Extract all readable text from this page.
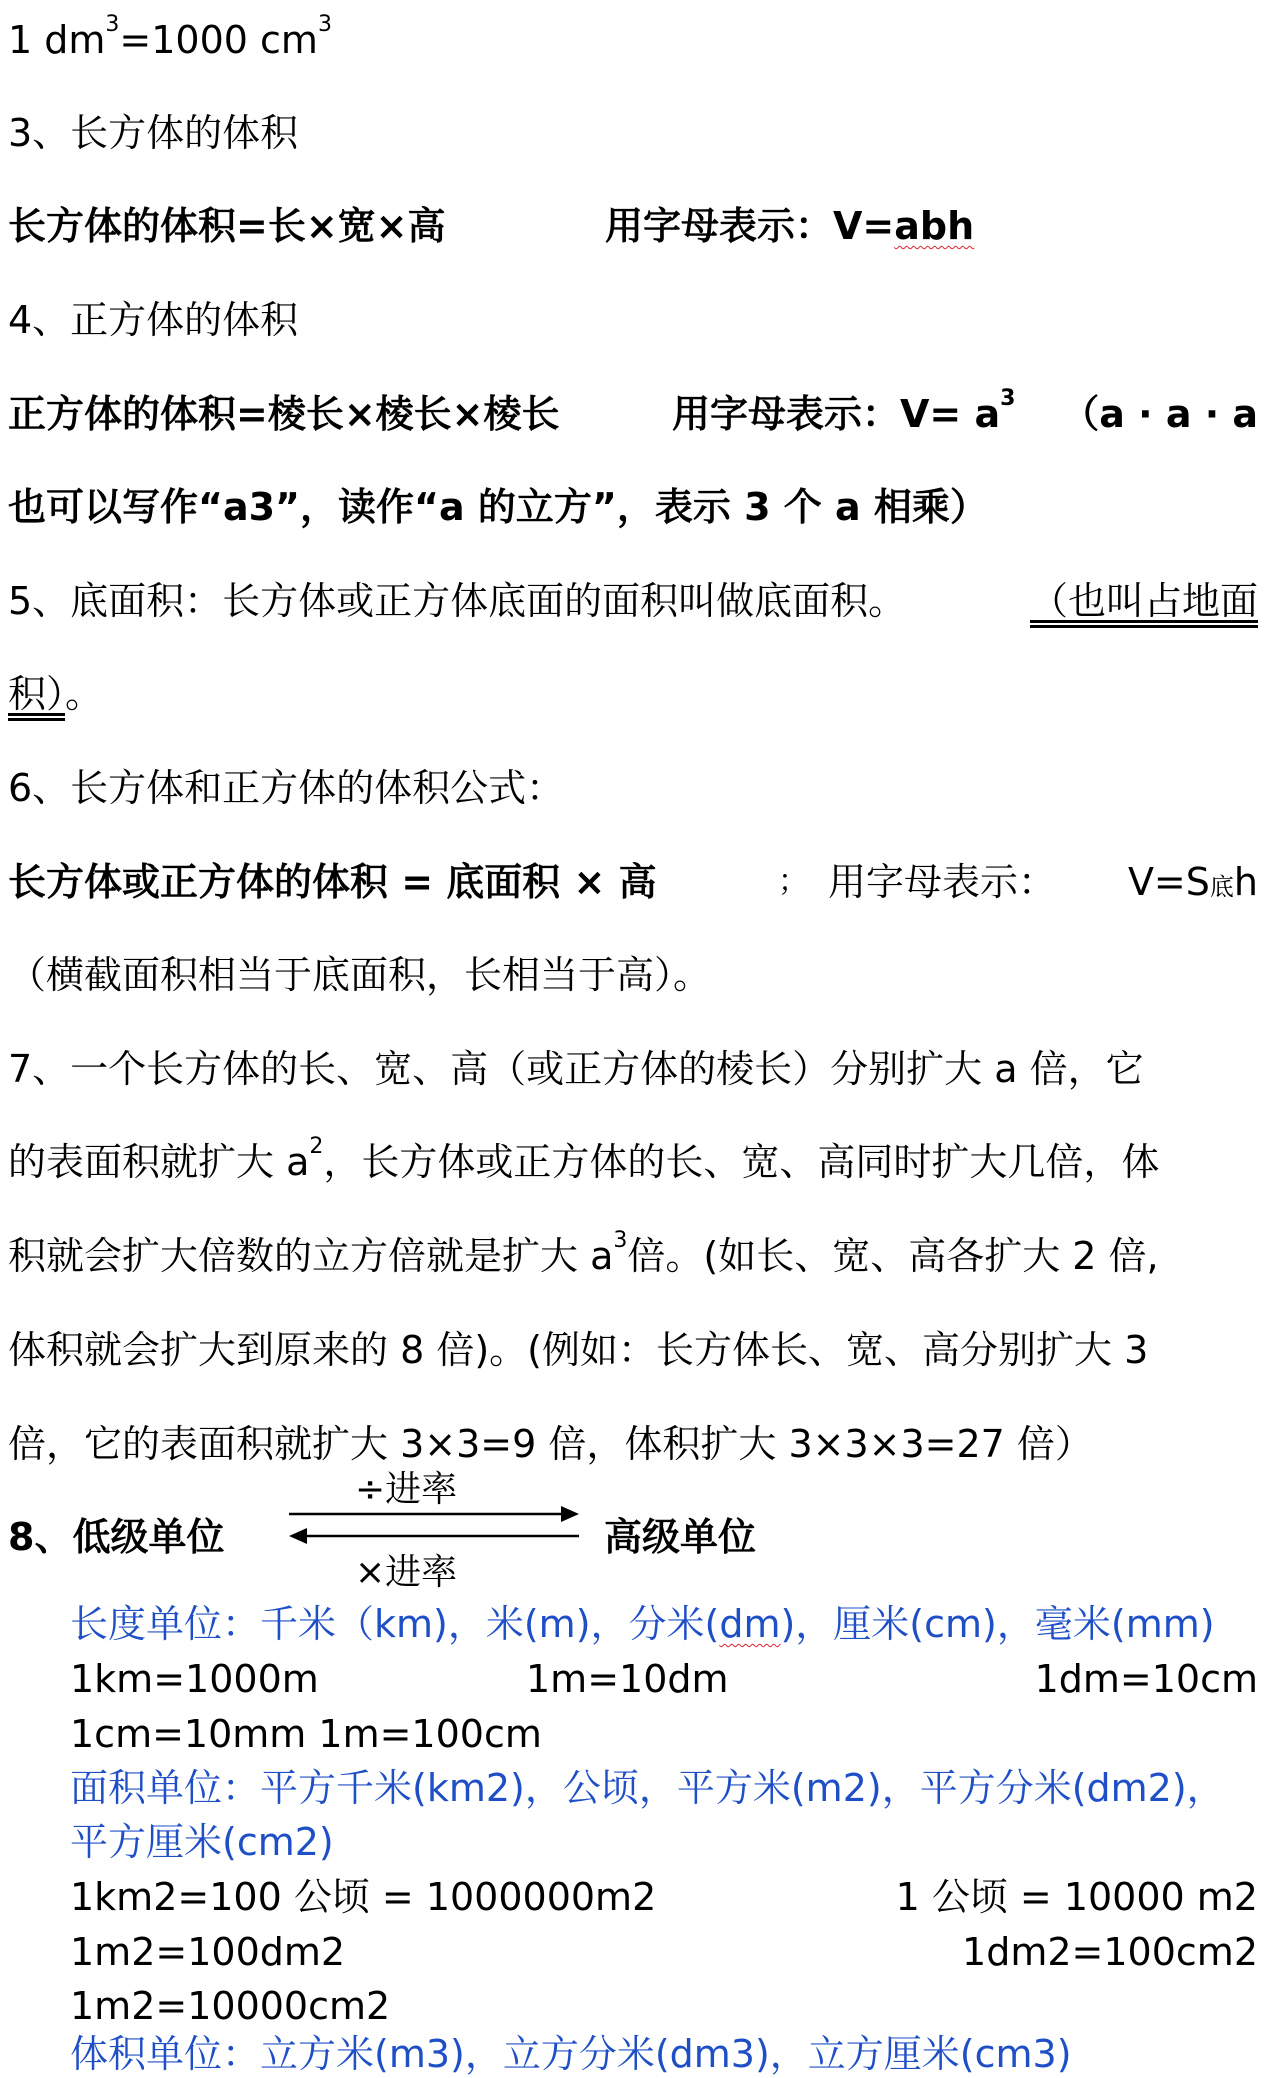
1 $dm^3=1000$ $cm^3$
3、长方体的体积
长方体的体积=长×宽×高	用字母表示：V=abh
4、正方体的体积
正方体的体积=棱长×棱长×棱长	用字母表示：$V= a^3$ （a · a · a
也可以写作“a3”，读作“a 的立方”，表示 3 个 a 相乘）
5、底面积：长方体或正方体底面的面积叫做底面积。	（也叫占地面
积）。
6、长方体和正方体的体积公式：
长方体或正方体的体积 = 底面积 × 高	； 用字母表示： V=S底h
（横截面积相当于底面积，长相当于高）。
7、一个长方体的长、宽、高（或正方体的棱长）分别扩大 a 倍，它
的表面积就扩大 $a^2$，长方体或正方体的长、宽、高同时扩大几倍，体
积就会扩大倍数的立方倍就是扩大 $a^3$倍。(如长、宽、高各扩大 2 倍,
体积就会扩大到原来的 8 倍)。(例如：长方体长、宽、高分别扩大 3
倍，它的表面积就扩大 3×3=9 倍，体积扩大 3×3×3=27 倍）
÷进率
8、低级单位	高级单位
×进率
长度单位：千米（km)，米(m)，分米(dm)，厘米(cm)，毫米(mm)
1km=1000m	1m=10dm	1dm=10cm
1cm=10mm 1m=100cm
面积单位：平方千米(km2)，公顷，平方米(m2)，平方分米(dm2)，
平方厘米(cm2)
1km2=100 公顷 = 1000000m2	1 公顷 = 10000 m2
1m2=100dm2	1dm2=100cm2
1m2=10000cm2
体积单位：立方米(m3)，立方分米(dm3)，立方厘米(cm3)
